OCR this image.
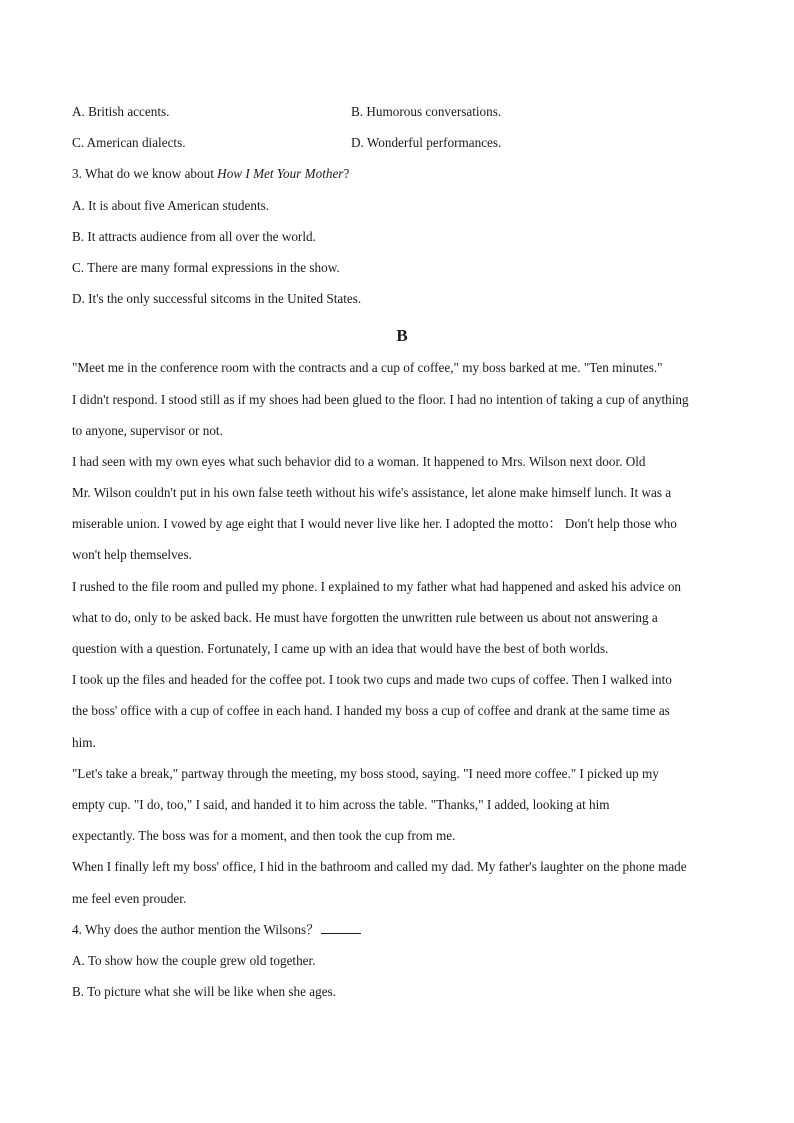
A. British accents.	B. Humorous conversations.
C. American dialects.	D. Wonderful performances.
3. What do we know about How I Met Your Mother?
A. It is about five American students.
B. It attracts audience from all over the world.
C. There are many formal expressions in the show.
D. It's the only successful sitcoms in the United States.
B
"Meet me in the conference room with the contracts and a cup of coffee," my boss barked at me. "Ten minutes."
I didn't respond. I stood still as if my shoes had been glued to the floor. I had no intention of taking a cup of anything
to anyone, supervisor or not.
I had seen with my own eyes what such behavior did to a woman. It happened to Mrs. Wilson next door. Old
Mr. Wilson couldn't put in his own false teeth without his wife's assistance, let alone make himself lunch. It was a
miserable union. I vowed by age eight that I would never live like her. I adopted the motto： Don't help those who
won't help themselves.
I rushed to the file room and pulled my phone. I explained to my father what had happened and asked his advice on
what to do, only to be asked back. He must have forgotten the unwritten rule between us about not answering a
question with a question. Fortunately, I came up with an idea that would have the best of both worlds.
I took up the files and headed for the coffee pot. I took two cups and made two cups of coffee. Then I walked into
the boss' office with a cup of coffee in each hand. I handed my boss a cup of coffee and drank at the same time as
him.
"Let's take a break," partway through the meeting, my boss stood, saying. "I need more coffee." I picked up my
empty cup. "I do, too," I said, and handed it to him across the table. "Thanks," I added, looking at him
expectantly. The boss was for a moment, and then took the cup from me.
When I finally left my boss' office, I hid in the bathroom and called my dad. My father's laughter on the phone made
me feel even prouder.
4. Why does the author mention the Wilsons？
A. To show how the couple grew old together.
B. To picture what she will be like when she ages.
